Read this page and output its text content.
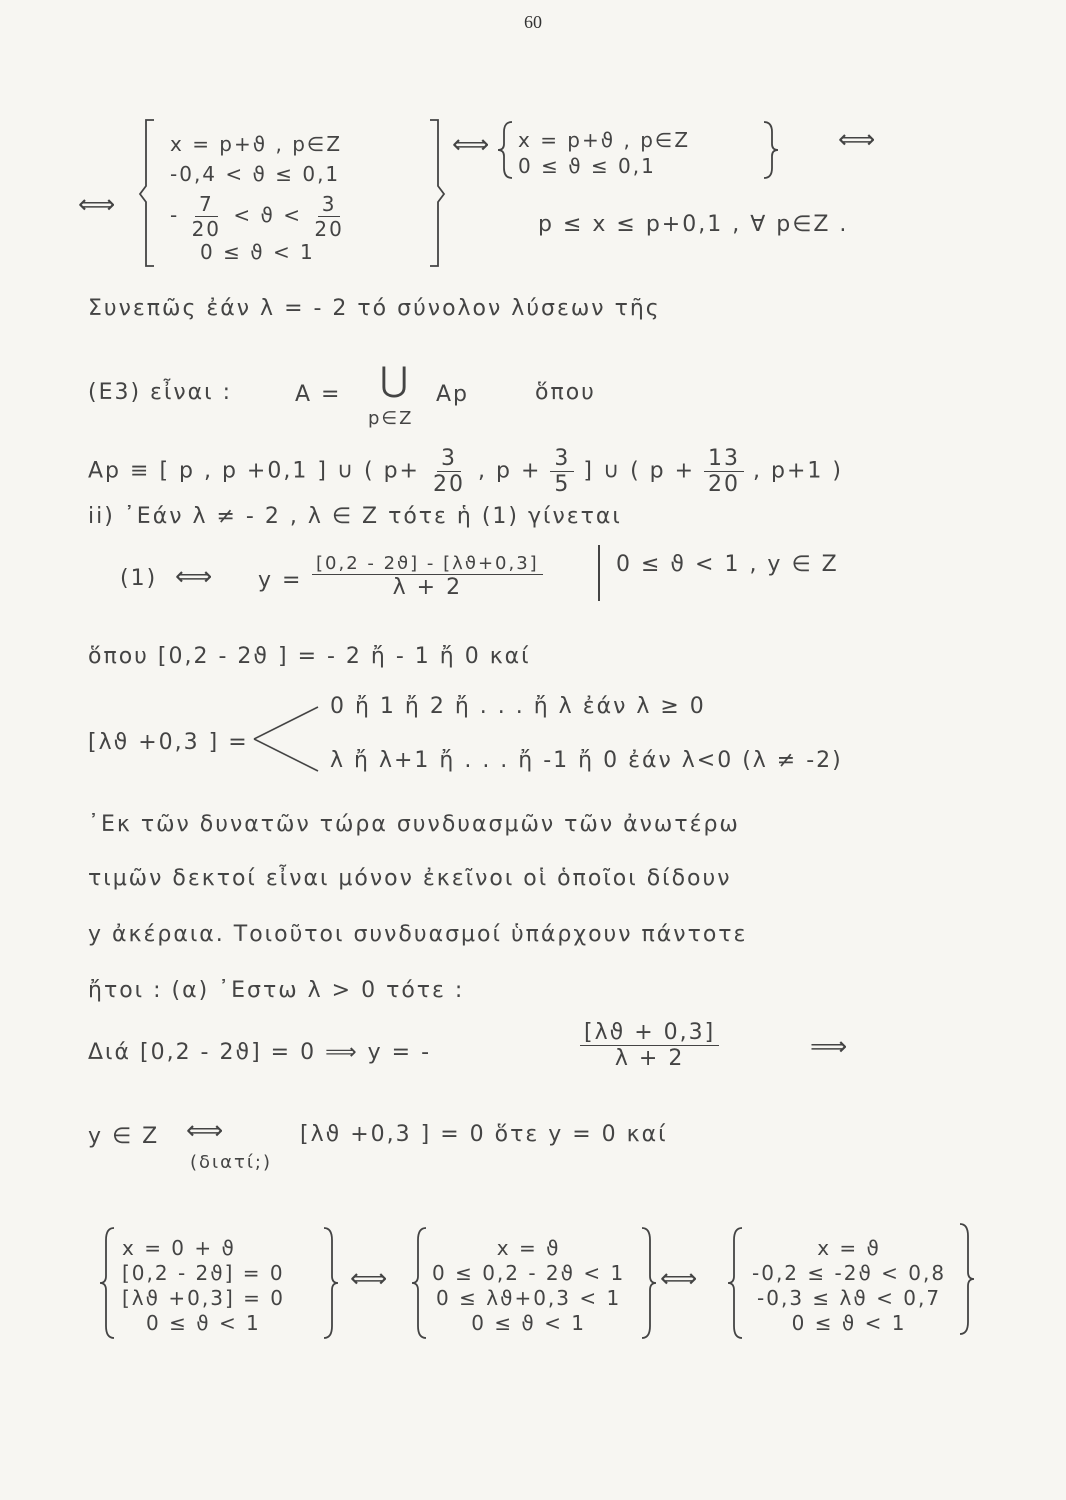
60
⟺
x = p+ϑ , p∈Z
-0,4 < ϑ ≤ 0,1
- $\frac{7}{20} < ϑ < \frac{3}{20}$
0 ≤ ϑ < 1
⟺ x = p+ϑ , p∈Z
0 ≤ ϑ ≤ 0,1
⟺
p ≤ x ≤ p+0,1 , ∀ p∈Z .
Συνεπῶς ἐάν λ = - 2 τό σύνολον λύσεων τῆς
(Ε3) εἶναι :	A = ⋃
p∈Z
Ap	ὅπου
Ap ≡ [ p , p +0,1 ] ∪ ( $p+ \frac{3}{20}$ , $p + \frac{3}{5}$ ] ∪ ( $p + \frac{13}{20}$ , p+1 )
ii) ᾿Εάν λ ≠ - 2 , λ ∈ Z τότε ἡ (1) γίνεται
(1) ⟺ $y = \frac{[0,2 - 2ϑ] - [\lambda ϑ+0,3]}{\lambda + 2}$	0 ≤ ϑ < 1 , y ∈ Z
ὅπου [0,2 - 2ϑ ] = - 2 ἤ - 1 ἤ 0 καί
[λϑ +0,3 ] =
0 ἤ 1 ἤ 2 ἤ . . . ἤ λ ἐάν λ ≥ 0
λ ἤ λ+1 ἤ . . . ἤ -1 ἤ 0 ἐάν λ<0 (λ ≠ -2)
᾿Εκ τῶν δυνατῶν τώρα συνδυασμῶν τῶν ἀνωτέρω
τιμῶν δεκτοί εἶναι μόνον ἐκεῖνοι οἱ ὁποῖοι δίδουν
y ἀκέραια. Τοιοῦτοι συνδυασμοί ὑπάρχουν πάντοτε
ἤτοι : (α) ᾿Εστω λ > 0 τότε :
Διά [0,2 - 2ϑ] = 0 ⟹ y = -	$\frac{[\lambda ϑ + 0,3]}{\lambda + 2}$	⟹
y ∈ Z ⟺
(διατί;)
[λϑ +0,3 ] = 0 ὅτε y = 0 καί
x = 0 + ϑ
[0,2 - 2ϑ] = 0
[λϑ +0,3] = 0
0 ≤ ϑ < 1
⟺
x = ϑ
0 ≤ 0,2 - 2ϑ < 1
0 ≤ λϑ+0,3 < 1
0 ≤ ϑ < 1
⟺
x = ϑ
-0,2 ≤ -2ϑ < 0,8
-0,3 ≤ λϑ < 0,7
0 ≤ ϑ < 1
